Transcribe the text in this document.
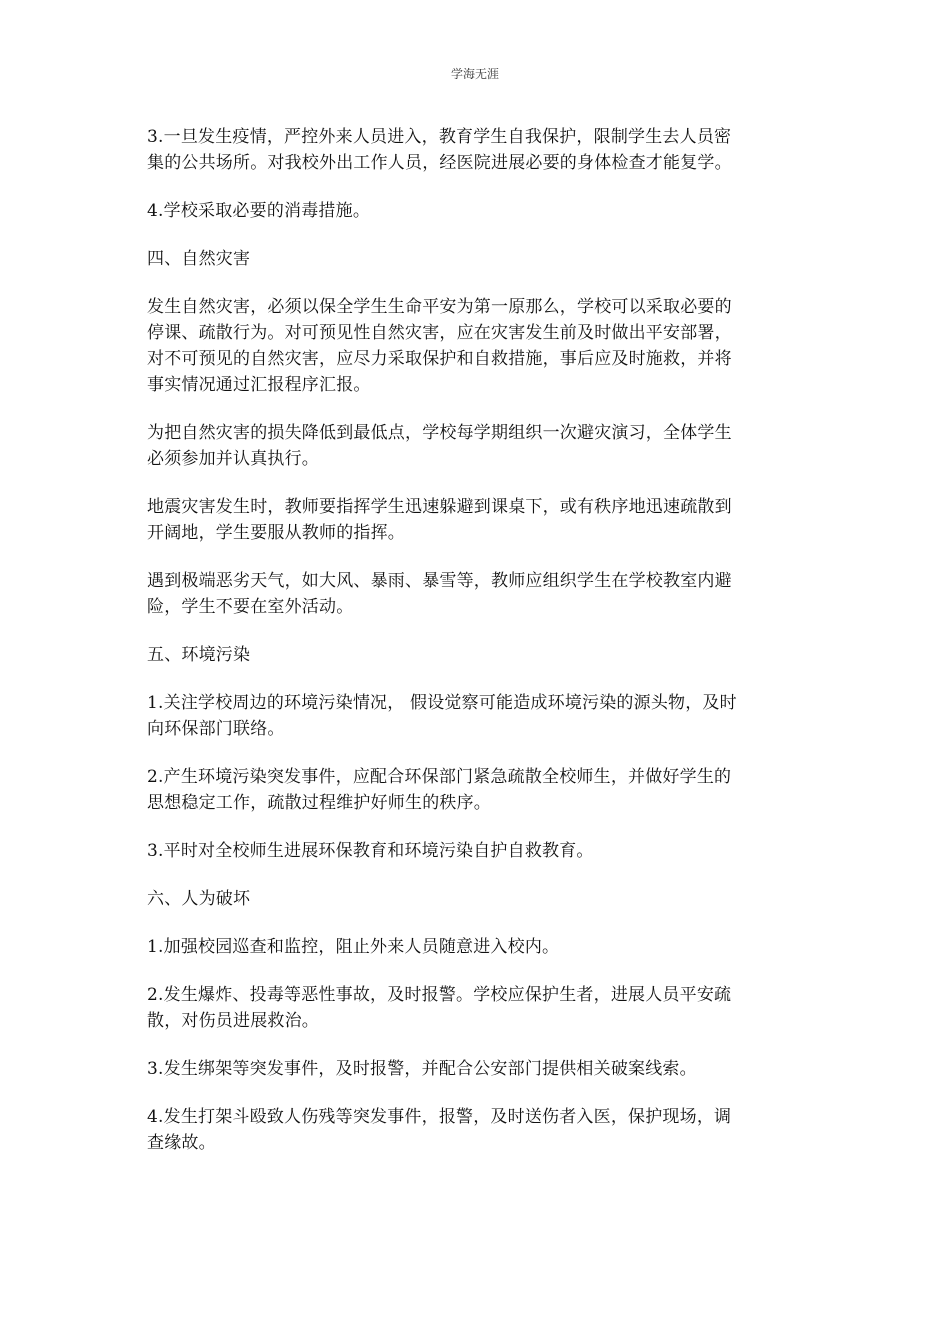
学海无涯

3.一旦发生疫情，严控外来人员进入，教育学生自我保护，限制学生去人员密
集的公共场所。对我校外出工作人员，经医院进展必要的身体检查才能复学。

4.学校采取必要的消毒措施。

四、自然灾害

发生自然灾害，必须以保全学生生命平安为第一原那么，学校可以采取必要的
停课、疏散行为。对可预见性自然灾害，应在灾害发生前及时做出平安部署，
对不可预见的自然灾害，应尽力采取保护和自救措施，事后应及时施救，并将
事实情况通过汇报程序汇报。

为把自然灾害的损失降低到最低点，学校每学期组织一次避灾演习，全体学生
必须参加并认真执行。

地震灾害发生时，教师要指挥学生迅速躲避到课桌下，或有秩序地迅速疏散到
开阔地，学生要服从教师的指挥。

遇到极端恶劣天气，如大风、暴雨、暴雪等，教师应组织学生在学校教室内避
险，学生不要在室外活动。

五、环境污染

1.关注学校周边的环境污染情况， 假设觉察可能造成环境污染的源头物，及时
向环保部门联络。

2.产生环境污染突发事件，应配合环保部门紧急疏散全校师生，并做好学生的
思想稳定工作，疏散过程维护好师生的秩序。

3.平时对全校师生进展环保教育和环境污染自护自救教育。

六、人为破坏

1.加强校园巡查和监控，阻止外来人员随意进入校内。

2.发生爆炸、投毒等恶性事故，及时报警。学校应保护生者，进展人员平安疏
散，对伤员进展救治。

3.发生绑架等突发事件，及时报警，并配合公安部门提供相关破案线索。

4.发生打架斗殴致人伤残等突发事件，报警，及时送伤者入医，保护现场，调
查缘故。
